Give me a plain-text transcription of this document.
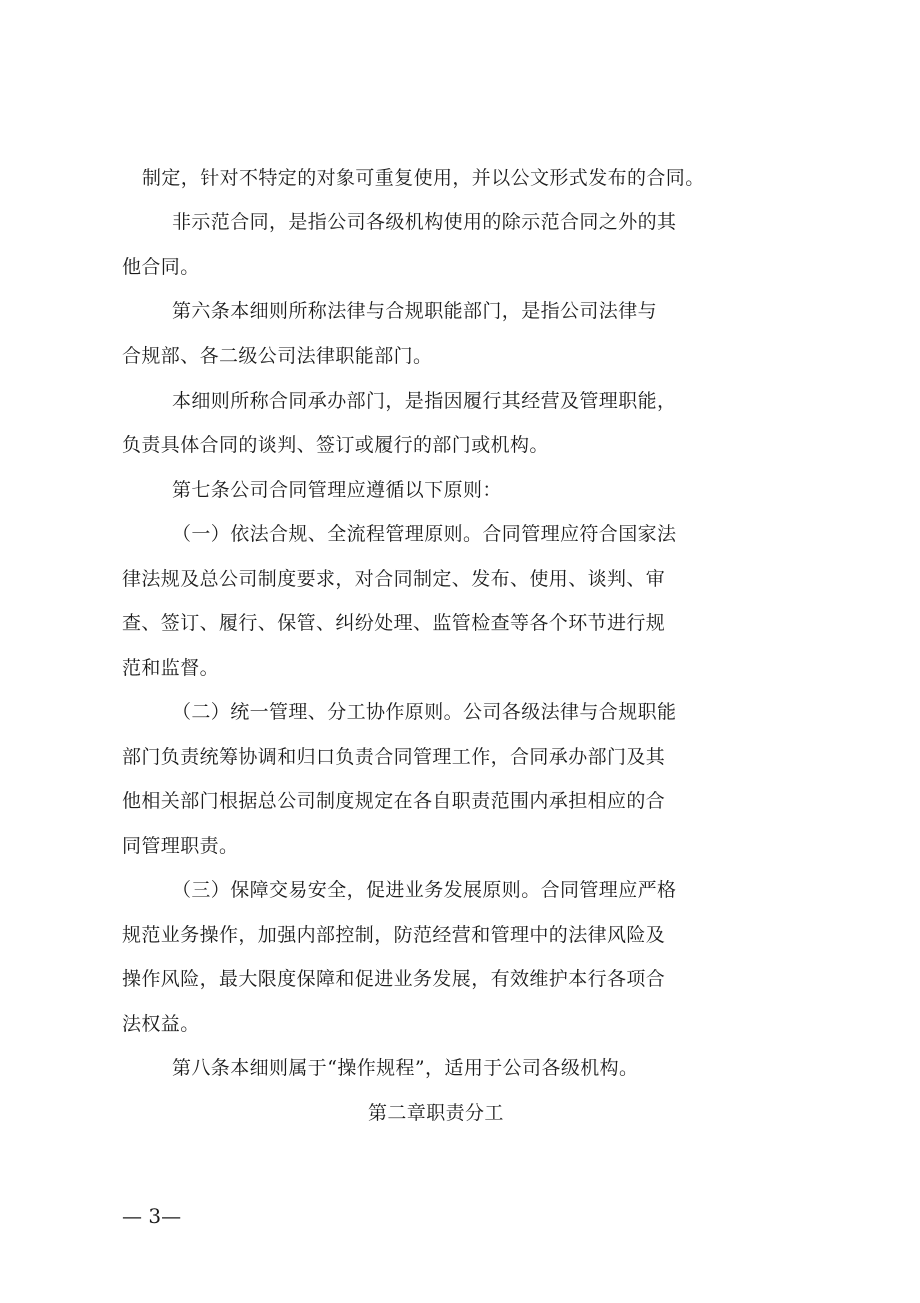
制定，针对不特定的对象可重复使用，并以公文形式发布的合同。
非示范合同，是指公司各级机构使用的除示范合同之外的其
他合同。
第六条本细则所称法律与合规职能部门，是指公司法律与
合规部、各二级公司法律职能部门。
本细则所称合同承办部门，是指因履行其经营及管理职能，
负责具体合同的谈判、签订或履行的部门或机构。
第七条公司合同管理应遵循以下原则：
（一）依法合规、全流程管理原则。合同管理应符合国家法
律法规及总公司制度要求，对合同制定、发布、使用、谈判、审
查、签订、履行、保管、纠纷处理、监管检查等各个环节进行规
范和监督。
（二）统一管理、分工协作原则。公司各级法律与合规职能
部门负责统筹协调和归口负责合同管理工作，合同承办部门及其
他相关部门根据总公司制度规定在各自职责范围内承担相应的合
同管理职责。
（三）保障交易安全，促进业务发展原则。合同管理应严格
规范业务操作，加强内部控制，防范经营和管理中的法律风险及
操作风险，最大限度保障和促进业务发展，有效维护本行各项合
法权益。
第八条本细则属于“操作规程”，适用于公司各级机构。
第二章职责分工
— 3—
